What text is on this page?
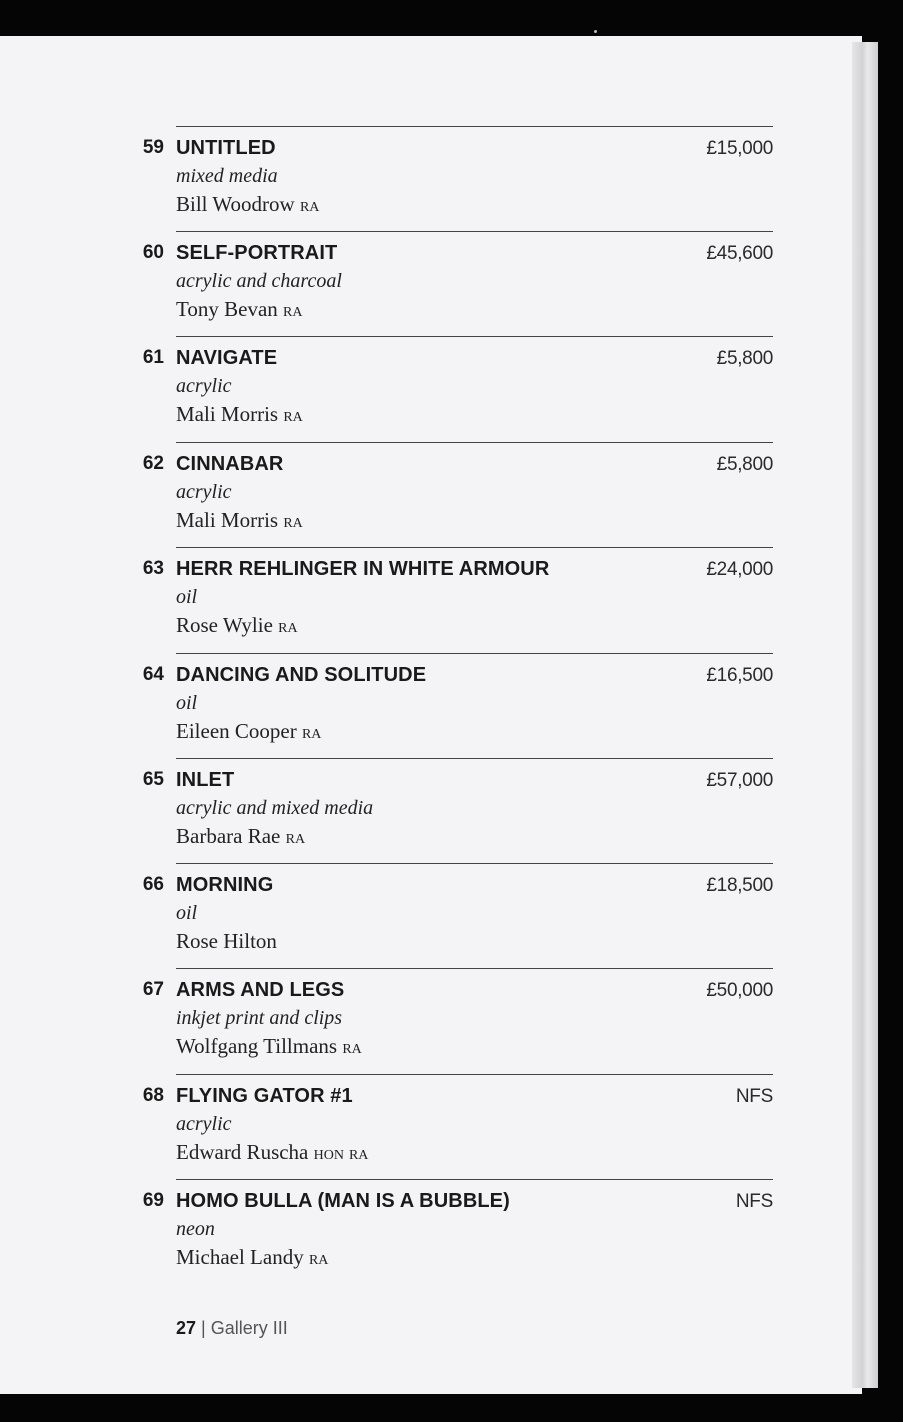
59 UNTITLED	£15,000
mixed media
Bill Woodrow ra
60 SELF-PORTRAIT	£45,600
acrylic and charcoal
Tony Bevan ra
61 NAVIGATE	£5,800
acrylic
Mali Morris ra
62 CINNABAR	£5,800
acrylic
Mali Morris ra
63 HERR REHLINGER IN WHITE ARMOUR	£24,000
oil
Rose Wylie ra
64 DANCING AND SOLITUDE	£16,500
oil
Eileen Cooper ra
65 INLET	£57,000
acrylic and mixed media
Barbara Rae ra
66 MORNING	£18,500
oil
Rose Hilton
67 ARMS AND LEGS	£50,000
inkjet print and clips
Wolfgang Tillmans ra
68 FLYING GATOR #1	NFS
acrylic
Edward Ruscha hon ra
69 HOMO BULLA (MAN IS A BUBBLE)	NFS
neon
Michael Landy ra
27 | Gallery III
